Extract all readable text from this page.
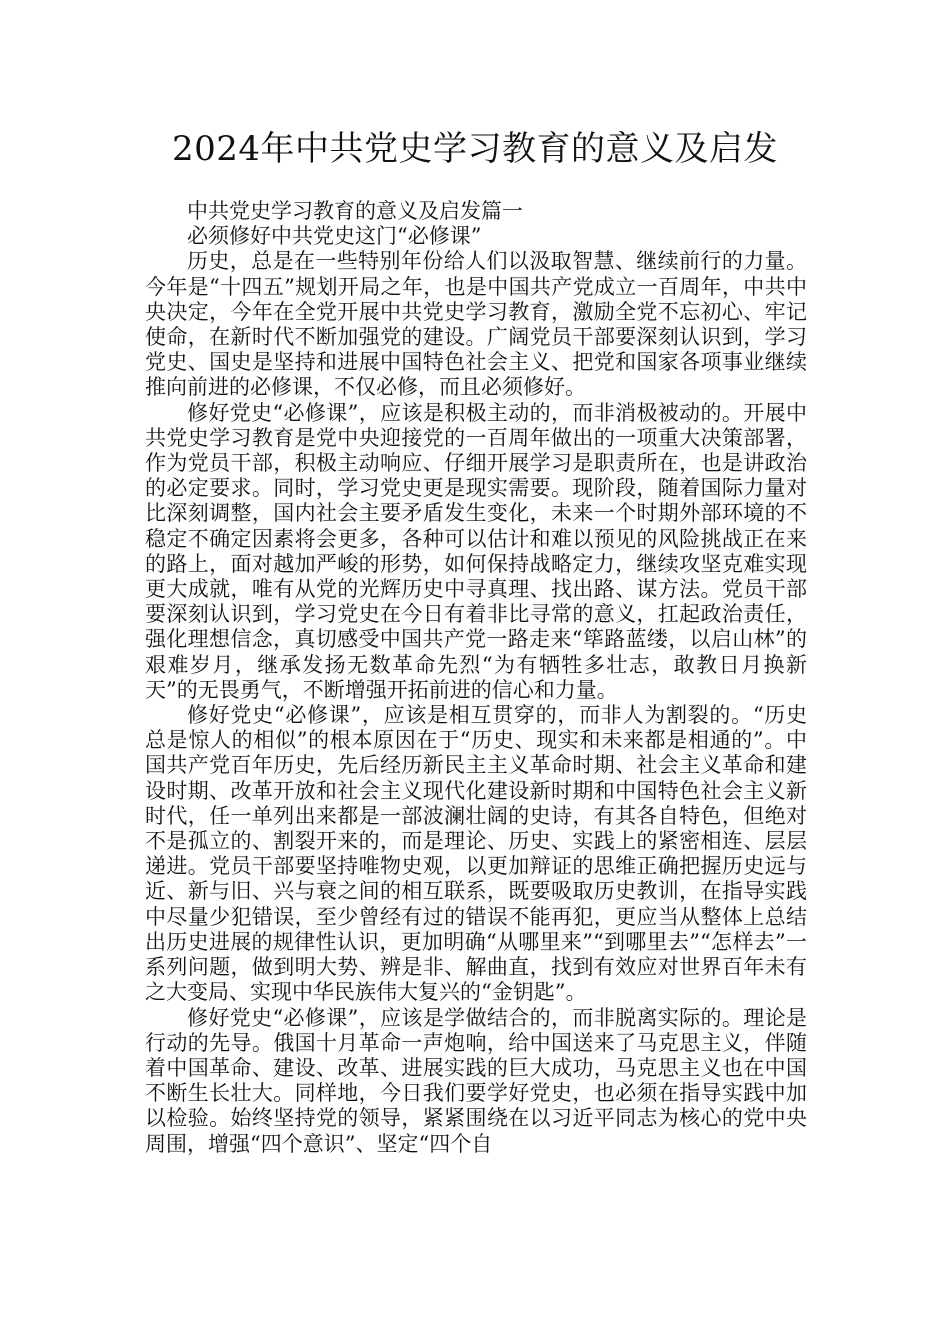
2024年中共党史学习教育的意义及启发

中共党史学习教育的意义及启发篇一

必须修好中共党史这门“必修课”

历史，总是在一些特别年份给人们以汲取智慧、继续前行的力量。今年是“十四五”规划开局之年，也是中国共产党成立一百周年，中共中央决定，今年在全党开展中共党史学习教育，激励全党不忘初心、牢记使命，在新时代不断加强党的建设。广阔党员干部要深刻认识到，学习党史、国史是坚持和进展中国特色社会主义、把党和国家各项事业继续推向前进的必修课，不仅必修，而且必须修好。

修好党史“必修课”，应该是积极主动的，而非消极被动的。开展中共党史学习教育是党中央迎接党的一百周年做出的一项重大决策部署，作为党员干部，积极主动响应、仔细开展学习是职责所在，也是讲政治的必定要求。同时，学习党史更是现实需要。现阶段，随着国际力量对比深刻调整，国内社会主要矛盾发生变化，未来一个时期外部环境的不稳定不确定因素将会更多，各种可以估计和难以预见的风险挑战正在来的路上，面对越加严峻的形势，如何保持战略定力，继续攻坚克难实现更大成就，唯有从党的光辉历史中寻真理、找出路、谋方法。党员干部要深刻认识到，学习党史在今日有着非比寻常的意义，扛起政治责任，强化理想信念，真切感受中国共产党一路走来“筚路蓝缕，以启山林”的艰难岁月，继承发扬无数革命先烈“为有牺牲多壮志，敢教日月换新天”的无畏勇气，不断增强开拓前进的信心和力量。

修好党史“必修课”，应该是相互贯穿的，而非人为割裂的。“历史总是惊人的相似”的根本原因在于“历史、现实和未来都是相通的”。中国共产党百年历史，先后经历新民主主义革命时期、社会主义革命和建设时期、改革开放和社会主义现代化建设新时期和中国特色社会主义新时代，任一单列出来都是一部波澜壮阔的史诗，有其各自特色，但绝对不是孤立的、割裂开来的，而是理论、历史、实践上的紧密相连、层层递进。党员干部要坚持唯物史观，以更加辩证的思维正确把握历史远与近、新与旧、兴与衰之间的相互联系，既要吸取历史教训，在指导实践中尽量少犯错误，至少曾经有过的错误不能再犯，更应当从整体上总结出历史进展的规律性认识，更加明确“从哪里来”“到哪里去”“怎样去”一系列问题，做到明大势、辨是非、解曲直，找到有效应对世界百年未有之大变局、实现中华民族伟大复兴的“金钥匙”。

修好党史“必修课”，应该是学做结合的，而非脱离实际的。理论是行动的先导。俄国十月革命一声炮响，给中国送来了马克思主义，伴随着中国革命、建设、改革、进展实践的巨大成功，马克思主义也在中国不断生长壮大。同样地，今日我们要学好党史，也必须在指导实践中加以检验。始终坚持党的领导，紧紧围绕在以习近平同志为核心的党中央周围，增强“四个意识”、坚定“四个自
